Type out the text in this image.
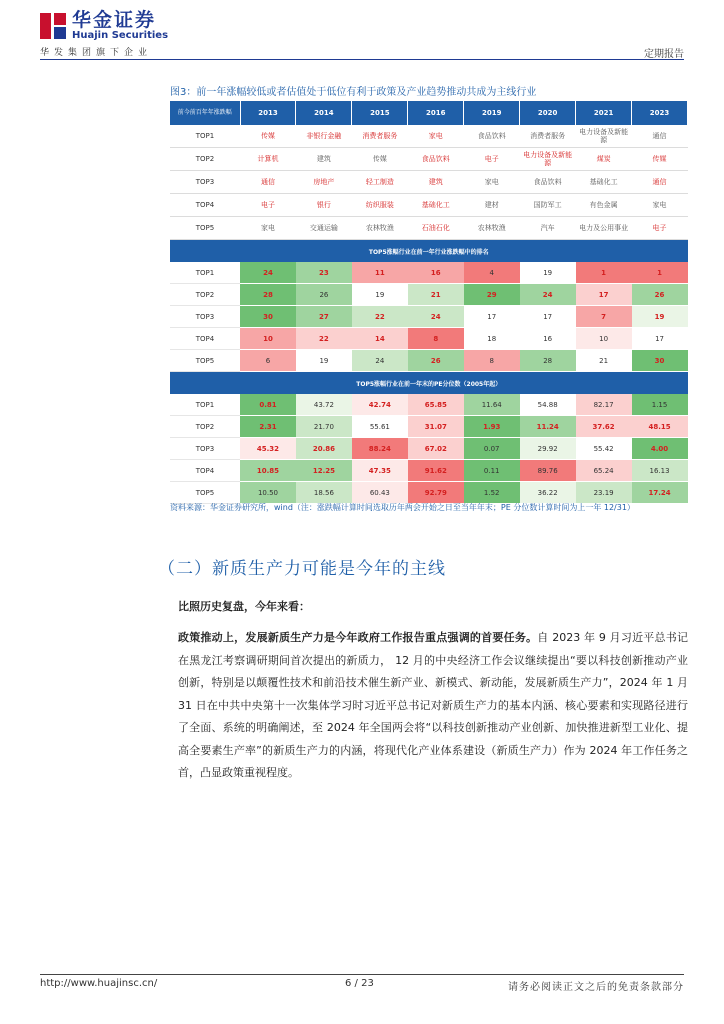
华金证券
Huajin Securities
华发集团旗下企业	定期报告
图3：前一年涨幅较低或者估值处于低位有利于政策及产业趋势推动共成为主线行业
前今前百年年涨跌幅	2013	2014	2015	2016	2019	2020	2021	2023
TOP1	传媒	非银行金融	消费者服务	家电	食品饮料	消费者服务	电力设备及新能源	通信
TOP2	计算机	建筑	传媒	食品饮料	电子	电力设备及新能源	煤炭	传媒
TOP3	通信	房地产	轻工制造	建筑	家电	食品饮料	基础化工	通信
TOP4	电子	银行	纺织服装	基础化工	建材	国防军工	有色金属	家电
TOP5	家电	交通运输	农林牧渔	石油石化	农林牧渔	汽车	电力及公用事业	电子
TOP5涨幅行业在前一年行业涨跌幅中的排名								
TOP1	24	23	11	16	4	19	1	1
TOP2	28	26	19	21	29	24	17	26
TOP3	30	27	22	24	17	17	7	19
TOP4	10	22	14	8	18	16	10	17
TOP5	6	19	24	26	8	28	21	30
TOP5涨幅行业在前一年末的PE分位数（2005年起）								
TOP1	0.81	43.72	42.74	65.85	11.64	54.88	82.17	1.15
TOP2	2.31	21.70	55.61	31.07	1.93	11.24	37.62	48.15
TOP3	45.32	20.86	88.24	67.02	0.07	29.92	55.42	4.00
TOP4	10.85	12.25	47.35	91.62	0.11	89.76	65.24	16.13
TOP5	10.50	18.56	60.43	92.79	1.52	36.22	23.19	17.24
资料来源：华金证券研究所，wind（注：涨跌幅计算时间选取历年两会开始之日至当年年末；PE 分位数计算时间为上一年 12/31）
（二）新质生产力可能是今年的主线
比照历史复盘，今年来看：
政策推动上，发展新质生产力是今年政府工作报告重点强调的首要任务。自 2023 年 9 月习近平总书记在黑龙江考察调研期间首次提出的新质力， 12 月的中央经济工作会议继续提出“要以科技创新推动产业创新，特别是以颠覆性技术和前沿技术催生新产业、新模式、新动能，发展新质生产力”，2024 年 1 月 31 日在中共中央第十一次集体学习时习近平总书记对新质生产力的基本内涵、核心要素和实现路径进行了全面、系统的明确阐述，至 2024 年全国两会将“以科技创新推动产业创新、加快推进新型工业化、提高全要素生产率”的新质生产力的内涵，将现代化产业体系建设（新质生产力）作为 2024 年工作任务之首，凸显政策重视程度。
http://www.huajinsc.cn/	6 / 23	请务必阅读正文之后的免责条款部分
